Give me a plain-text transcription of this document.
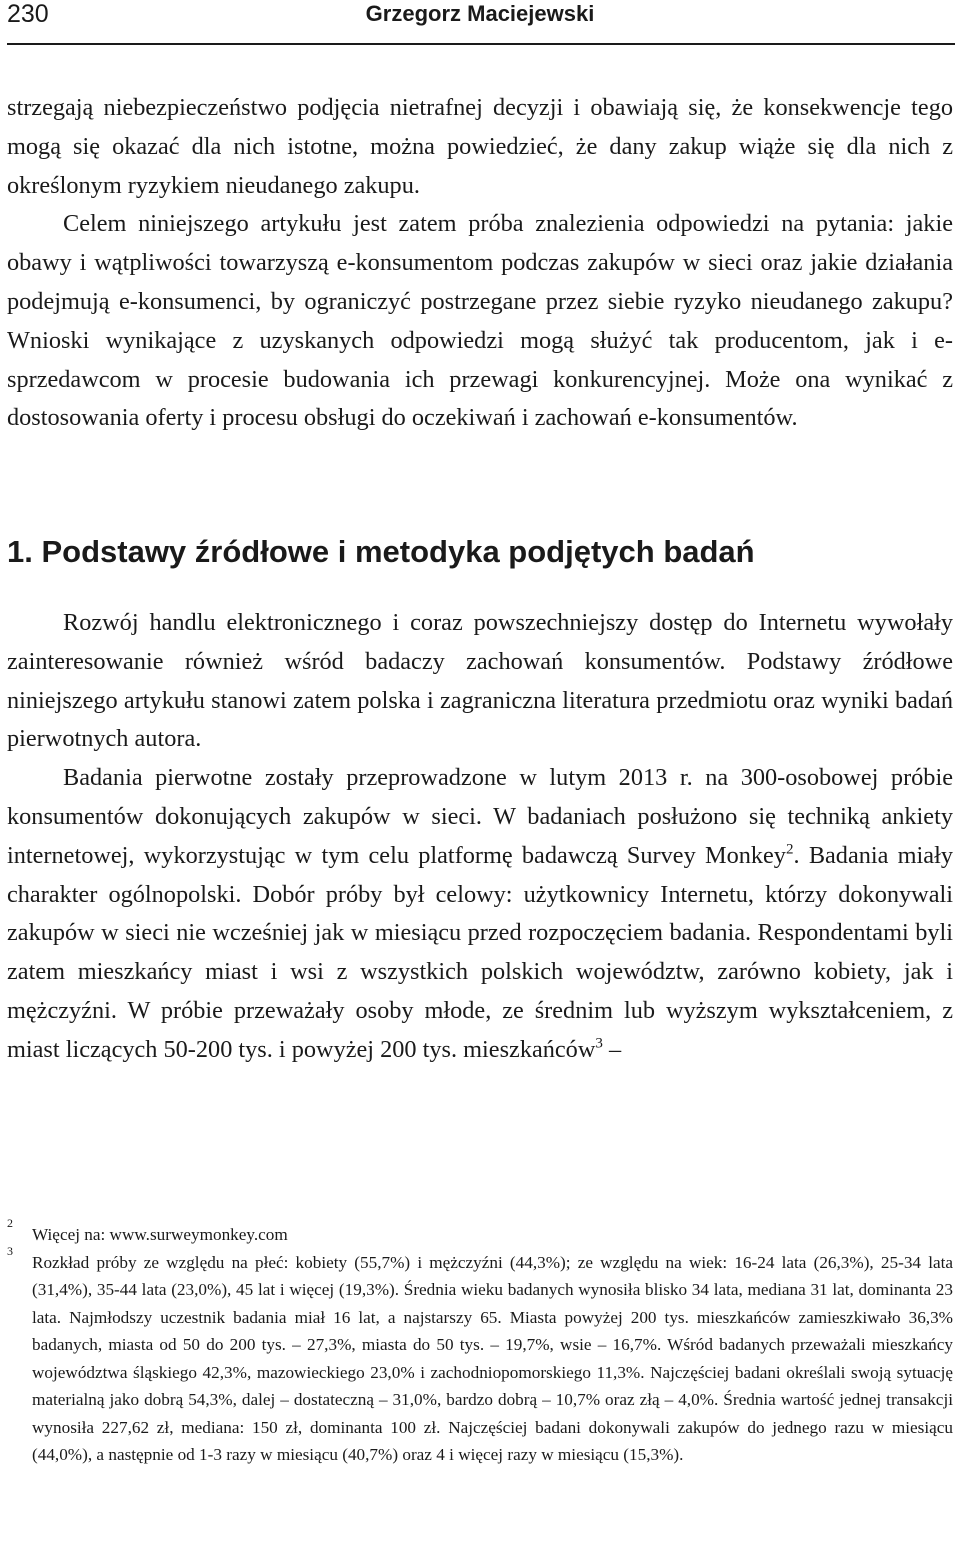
230	Grzegorz Maciejewski

strzegają niebezpieczeństwo podjęcia nietrafnej decyzji i obawiają się, że konsekwencje tego mogą się okazać dla nich istotne, można powiedzieć, że dany zakup wiąże się dla nich z określonym ryzykiem nieudanego zakupu.

Celem niniejszego artykułu jest zatem próba znalezienia odpowiedzi na pytania: jakie obawy i wątpliwości towarzyszą e-konsumentom podczas zakupów w sieci oraz jakie działania podejmują e-konsumenci, by ograniczyć postrzegane przez siebie ryzyko nieudanego zakupu? Wnioski wynikające z uzyskanych odpowiedzi mogą służyć tak producentom, jak i e-sprzedawcom w procesie budowania ich przewagi konkurencyjnej. Może ona wynikać z dostosowania oferty i procesu obsługi do oczekiwań i zachowań e-konsumentów.

1. Podstawy źródłowe i metodyka podjętych badań

Rozwój handlu elektronicznego i coraz powszechniejszy dostęp do Internetu wywołały zainteresowanie również wśród badaczy zachowań konsumentów. Podstawy źródłowe niniejszego artykułu stanowi zatem polska i zagraniczna literatura przedmiotu oraz wyniki badań pierwotnych autora.

Badania pierwotne zostały przeprowadzone w lutym 2013 r. na 300-osobowej próbie konsumentów dokonujących zakupów w sieci. W badaniach posłużono się techniką ankiety internetowej, wykorzystując w tym celu platformę badawczą Survey Monkey$^2$. Badania miały charakter ogólnopolski. Dobór próby był celowy: użytkownicy Internetu, którzy dokonywali zakupów w sieci nie wcześniej jak w miesiącu przed rozpoczęciem badania. Respondentami byli zatem mieszkańcy miast i wsi z wszystkich polskich województw, zarówno kobiety, jak i mężczyźni. W próbie przeważały osoby młode, ze średnim lub wyższym wykształceniem, z miast liczących 50-200 tys. i powyżej 200 tys. mieszkańców$^3$ –

2
Więcej na: www.surweymonkey.com

3
Rozkład próby ze względu na płeć: kobiety (55,7%) i mężczyźni (44,3%); ze względu na wiek: 16-24 lata (26,3%), 25-34 lata (31,4%), 35-44 lata (23,0%), 45 lat i więcej (19,3%). Średnia wieku badanych wynosiła blisko 34 lata, mediana 31 lat, dominanta 23 lata. Najmłodszy uczestnik badania miał 16 lat, a najstarszy 65. Miasta powyżej 200 tys. mieszkańców zamieszkiwało 36,3% badanych, miasta od 50 do 200 tys. – 27,3%, miasta do 50 tys. – 19,7%, wsie – 16,7%. Wśród badanych przeważali mieszkańcy województwa śląskiego 42,3%, mazowieckiego 23,0% i zachodniopomorskiego 11,3%. Najczęściej badani określali swoją sytuację materialną jako dobrą 54,3%, dalej – dostateczną – 31,0%, bardzo dobrą – 10,7% oraz złą – 4,0%. Średnia wartość jednej transakcji wynosiła 227,62 zł, mediana: 150 zł, dominanta 100 zł. Najczęściej badani dokonywali zakupów do jednego razu w miesiącu (44,0%), a następnie od 1-3 razy w miesiącu (40,7%) oraz 4 i więcej razy w miesiącu (15,3%).
